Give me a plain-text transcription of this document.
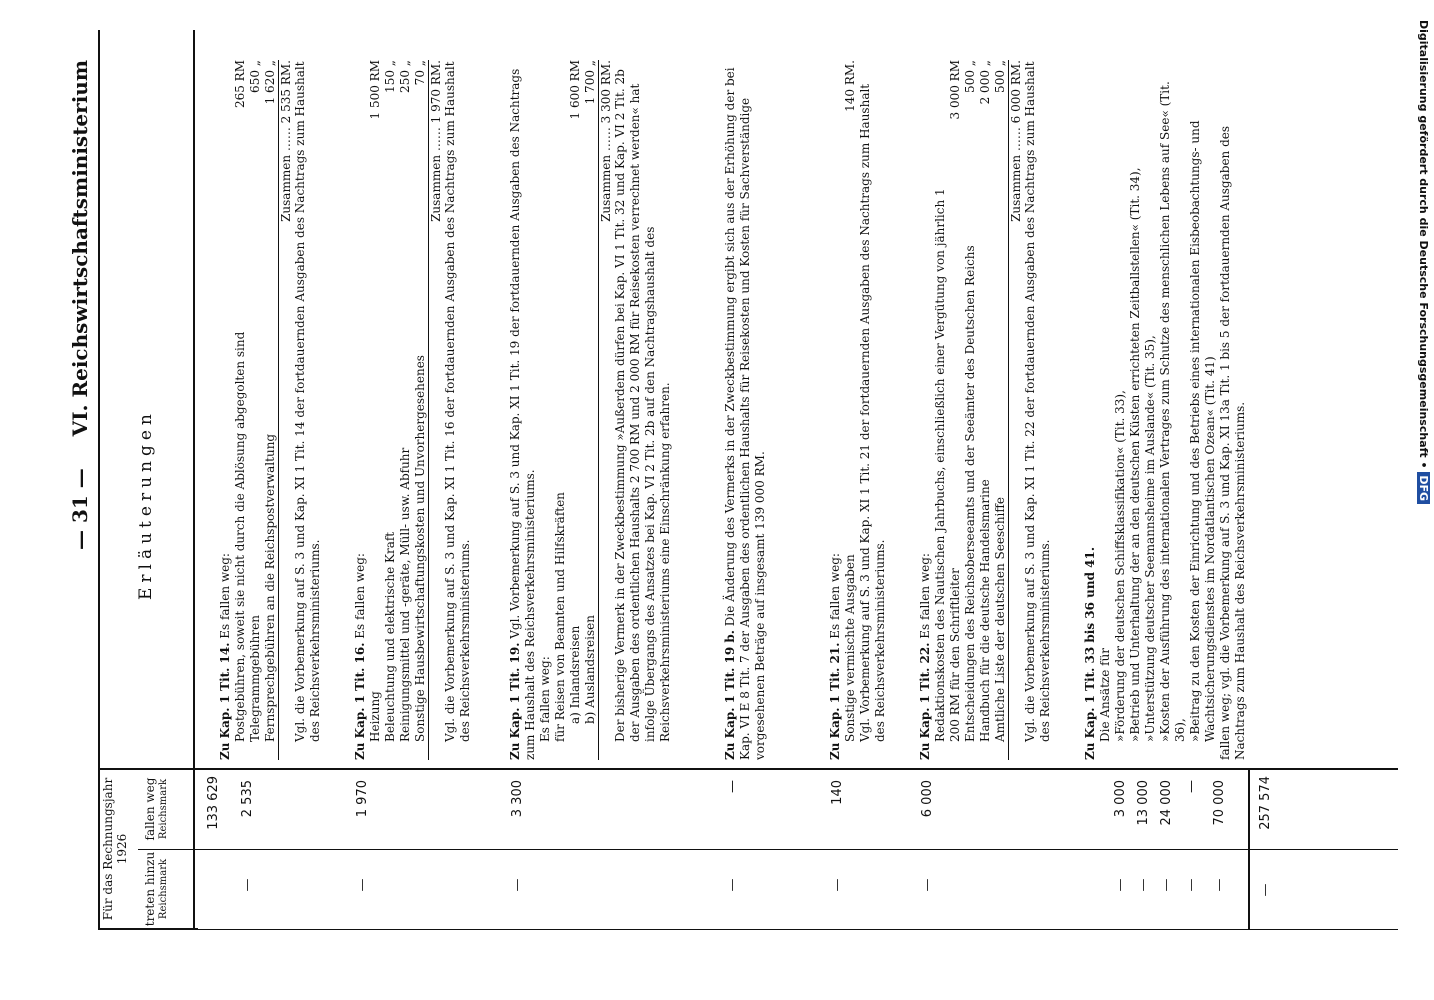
— 31 —
VI. Reichswirtschaftsministerium
Für das Rechnungsjahr 1926
treten hinzu Reichsmark
fallen weg Reichsmark
Erläuterungen
133 629
Zu Kap. 1 Tit. 14. Es fallen weg: Postgebühren, soweit sie nicht durch die Ablösung abgegolten sind
265 RM
Telegrammgebühren
650 „
Fernsprechgebühren an die Reichspostverwaltung
1 620 „
Zusammen …… 2 535 RM. Vgl. die Vorbemerkung auf S. 3 und Kap. XI 1 Tit. 14 der fortdauernden Ausgaben des Nachtrags zum Haushalt des Reichsverkehrsministeriums.
2 535
—
Zu Kap. 1 Tit. 16. Es fallen weg:
Heizung
1 500 RM
Beleuchtung und elektrische Kraft
150 „
Reinigungsmittel und -geräte, Müll- usw. Abfuhr
250 „
Sonstige Hausbewirtschaftungskosten und Unvorhergesehenes
70 „
Zusammen …… 1 970 RM. Vgl. die Vorbemerkung auf S. 3 und Kap. XI 1 Tit. 16 der fortdauernden Ausgaben des Nachtrags zum Haushalt des Reichsverkehrsministeriums.
1 970
—
Zu Kap. 1 Tit. 19. Vgl. Vorbemerkung auf S. 3 und Kap. XI 1 Tit. 19 der fortdauernden Ausgaben des Nachtrags zum Haushalt des Reichsverkehrsministeriums. Es fallen weg: für Reisen von Beamten und Hilfskräften a) Inlandsreisen
1 600 RM
b) Auslandsreisen
1 700 „
Zusammen …… 3 300 RM. Der bisherige Vermerk in der Zweckbestimmung »Außerdem dürfen bei Kap. VI 1 Tit. 32 und Kap. VI 2 Tit. 2b der Ausgaben des ordentlichen Haushalts 2 700 RM und 2 000 RM für Reisekosten verrechnet werden« hat infolge Übergangs des Ansatzes bei Kap. VI 2 Tit. 2b auf den Nachtragshaushalt des Reichsverkehrsministeriums eine Einschränkung erfahren.
3 300
—
Zu Kap. 1 Tit. 19 b. Die Änderung des Vermerks in der Zweckbestimmung ergibt sich aus der Erhöhung der bei Kap. VI E 8 Tit. 7 der Ausgaben des ordentlichen Haushalts für Reisekosten und Kosten für Sachverständige vorgesehenen Beträge auf insgesamt 139 000 RM.
—
—
Zu Kap. 1 Tit. 21. Es fallen weg: Sonstige vermischte Ausgaben
140 RM. Vgl. Vorbemerkung auf S. 3 und Kap. XI 1 Tit. 21 der fortdauernden Ausgaben des Nachtrags zum Haushalt des Reichsverkehrsministeriums.
140
—
Zu Kap. 1 Tit. 22. Es fallen weg: Redaktionskosten des Nautischen Jahrbuchs, einschließlich einer Vergütung von jährlich 1 200 RM für den Schriftleiter
3 000 RM
Entscheidungen des Reichsoberseeamts und der Seeämter des Deutschen Reichs
500 „
Handbuch für die deutsche Handelsmarine
2 000 „
Amtliche Liste der deutschen Seeschiffe
500 „
Zusammen …… 6 000 RM. Vgl. die Vorbemerkung auf S. 3 und Kap. XI 1 Tit. 22 der fortdauernden Ausgaben des Nachtrags zum Haushalt des Reichsverkehrsministeriums.
6 000
—
Zu Kap. 1 Tit. 33 bis 36 und 41. Die Ansätze für »Förderung der deutschen Schiffsklassifikation« (Tit. 33), »Betrieb und Unterhaltung der an den deutschen Küsten errichteten Zeitballstellen« (Tit. 34), »Unterstützung deutscher Seemannsheime im Auslande« (Tit. 35), »Kosten der Ausführung des internationalen Vertrages zum Schutze des menschlichen Lebens auf See« (Tit. 36), »Beitrag zu den Kosten der Einrichtung und des Betriebs eines internationalen Eisbeobachtungs- und Wachtsicherungsdienstes im Nordatlantischen Ozean« (Tit. 41) fallen weg; vgl. die Vorbemerkung auf S. 3 und Kap. XI 13a Tit. 1 bis 5 der fortdauernden Ausgaben des Nachtrags zum Haushalt des Reichsverkehrsministeriums.
3 000 13 000 24 000 — 70 000
— — — — — —
257 574
Digitalisierung gefördert durch die Deutsche Forschungsgemeinschaft • DFG
